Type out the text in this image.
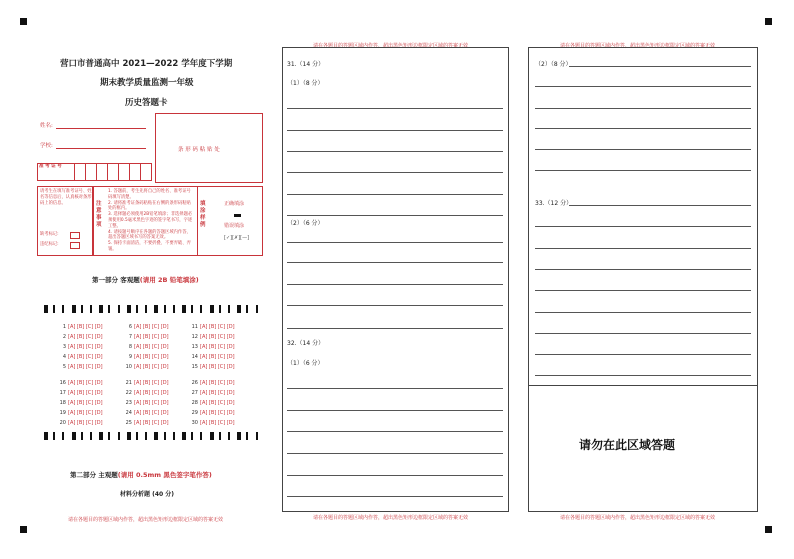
营口市普通高中 2021—2022 学年度下学期
期末教学质量监测一年级
历史答题卡
姓名:
学校:
准 考 证 号
条 形 码 粘 贴 处
请考生在填写准考证号、姓名等信息后，认真核对条形码上的信息。
缺考标记:
违纪标记:
注 意 事 项
1. 答题前，考生先将自己的姓名、准考证号码填写清楚。
2. 请将准考证条码粘贴在右侧的条形码粘贴处的框内。
3. 选择题必须使用2B铅笔填涂；非选择题必须使用0.5毫米黑色字迹的签字笔书写，字迹工整。
4. 请按题号顺序在各题的答题区域内作答，超出答题区域书写的答案无效。
5. 保持卡面清洁，不要折叠、不要弄破、弄皱。
填 涂 样 例
正确填涂
错误填涂
[✓][✗][—]
第一部分 客观题(请用 2B 铅笔填涂)
1 [A] [B] [C] [D]
2 [A] [B] [C] [D]
3 [A] [B] [C] [D]
4 [A] [B] [C] [D]
5 [A] [B] [C] [D]
6 [A] [B] [C] [D]
7 [A] [B] [C] [D]
8 [A] [B] [C] [D]
9 [A] [B] [C] [D]
10 [A] [B] [C] [D]
11 [A] [B] [C] [D]
12 [A] [B] [C] [D]
13 [A] [B] [C] [D]
14 [A] [B] [C] [D]
15 [A] [B] [C] [D]
16 [A] [B] [C] [D]
17 [A] [B] [C] [D]
18 [A] [B] [C] [D]
19 [A] [B] [C] [D]
20 [A] [B] [C] [D]
21 [A] [B] [C] [D]
22 [A] [B] [C] [D]
23 [A] [B] [C] [D]
24 [A] [B] [C] [D]
25 [A] [B] [C] [D]
26 [A] [B] [C] [D]
27 [A] [B] [C] [D]
28 [A] [B] [C] [D]
29 [A] [B] [C] [D]
30 [A] [B] [C] [D]
第二部分 主观题(请用 0.5mm 黑色签字笔作答)
材料分析题 (40 分)
请在各题目的答题区域内作答，超出黑色矩形边框限定区域的答案无效
请在各题目的答题区域内作答，超出黑色矩形边框限定区域的答案无效
31.（14 分）
（1）（8 分）
（2）（6 分）
32.（14 分）
（1）（6 分）
请在各题目的答题区域内作答，超出黑色矩形边框限定区域的答案无效
请在各题目的答题区域内作答，超出黑色矩形边框限定区域的答案无效
（2）（8 分）
33.（12 分）
请勿在此区域答题
请在各题目的答题区域内作答，超出黑色矩形边框限定区域的答案无效
